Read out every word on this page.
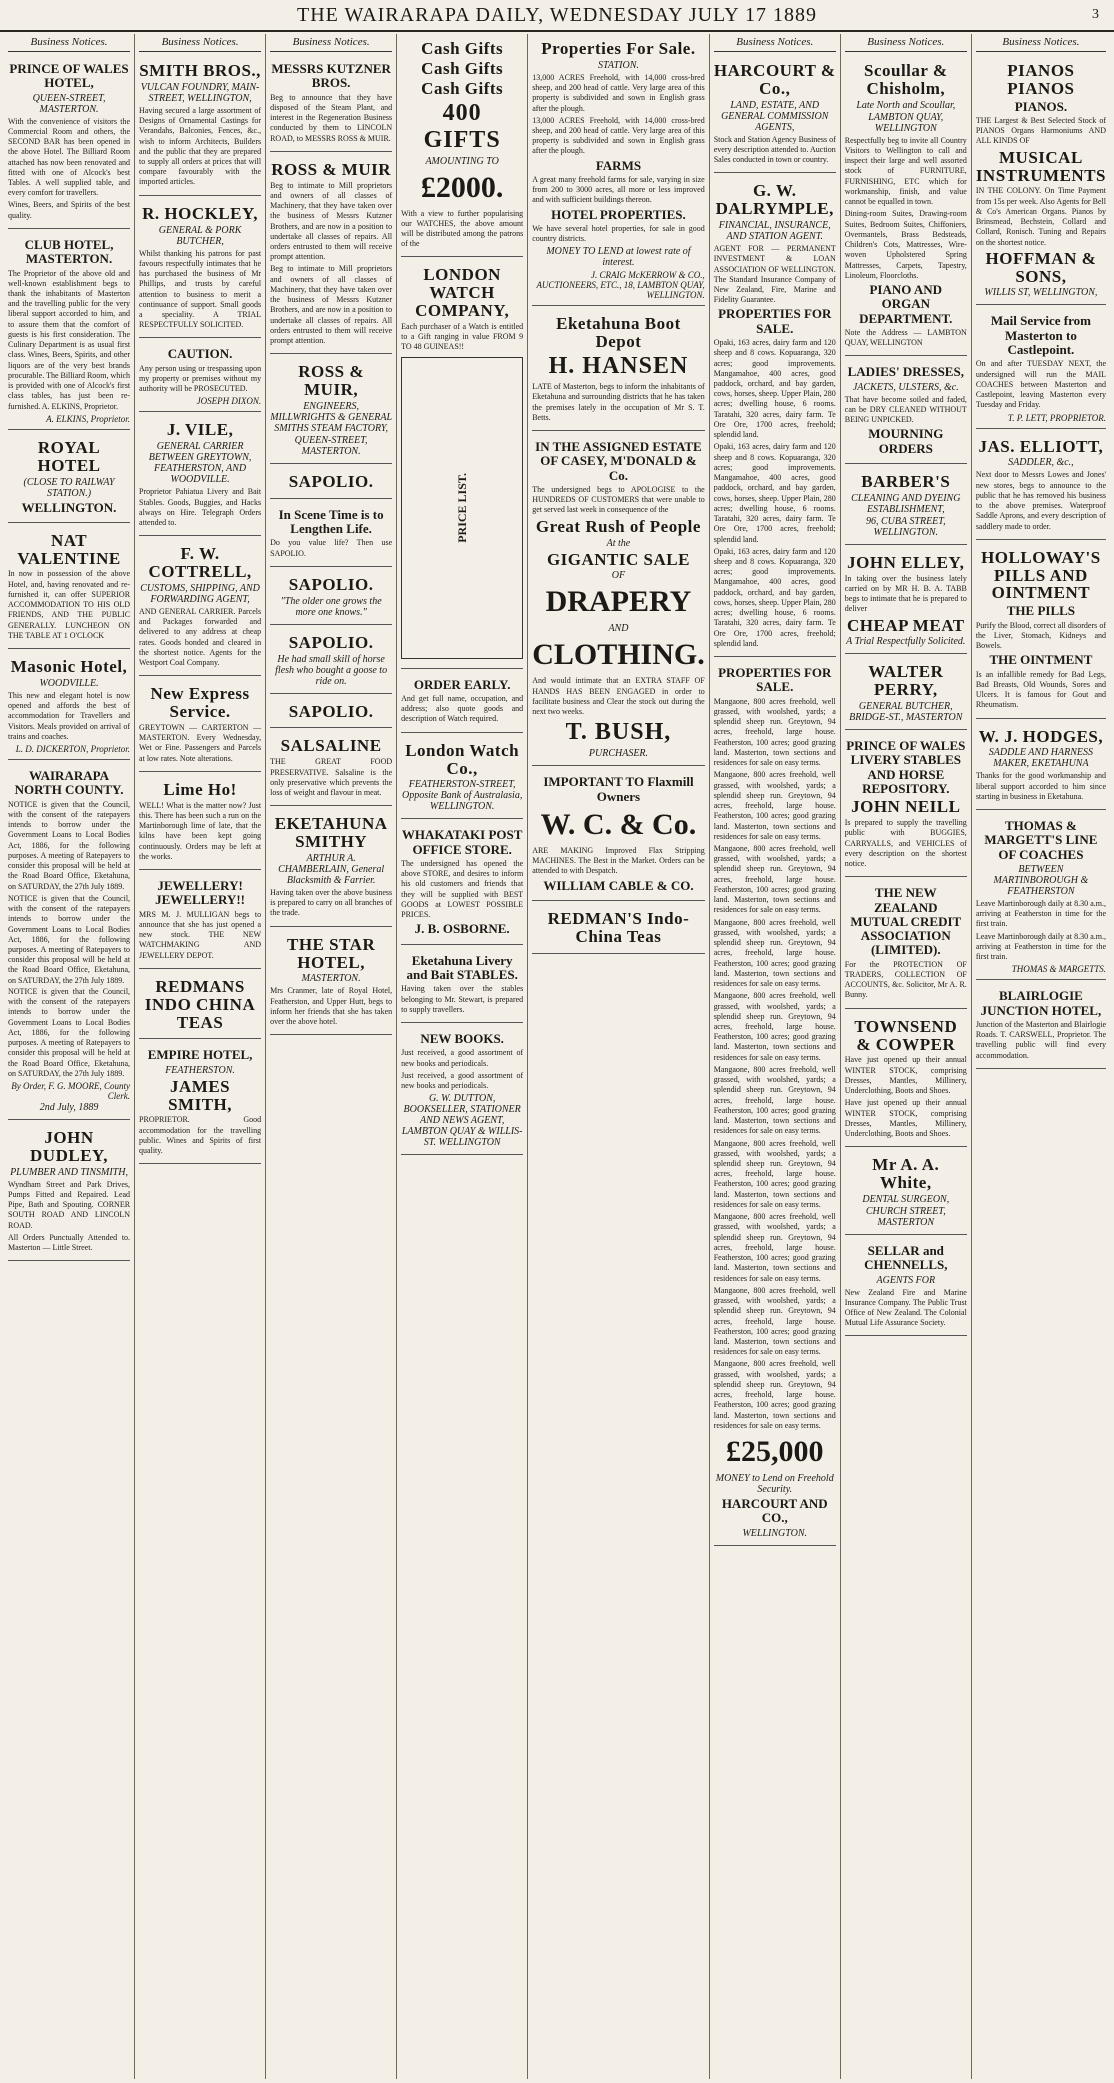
THE WAIRARAPA DAILY, WEDNESDAY JULY 17 1889	3
Business Notices.
PRINCE OF WALES HOTEL,
QUEEN-STREET, MASTERTON.

With the convenience of visitors the Commercial Room and others, the SECOND BAR has been opened in the above Hotel. The Billiard Room attached has now been renovated and fitted with one of Alcock's best Tables. A well supplied table, and every comfort for travellers.

Wines, Beers, and Spirits of the best quality.

CLUB HOTEL, MASTERTON.

The Proprietor of the above old and well-known establishment begs to thank the inhabitants of Masterton and the travelling public for the very liberal support accorded to him, and to assure them that the comfort of guests is his first consideration. The Culinary Department is as usual first class. Wines, Beers, Spirits, and other liquors are of the very best brands procurable. The Billiard Room, which is provided with one of Alcock's first class tables, has just been re-furnished. A. ELKINS, Proprietor.

A. ELKINS, Proprietor.
ROYAL HOTEL
(CLOSE TO RAILWAY STATION.)
WELLINGTON.
NAT VALENTINE

In now in possession of the above Hotel, and, having renovated and re-furnished it, can offer SUPERIOR ACCOMMODATION TO HIS OLD FRIENDS, AND THE PUBLIC GENERALLY. LUNCHEON ON THE TABLE AT 1 O'CLOCK

Masonic Hotel,
WOODVILLE.

This new and elegant hotel is now opened and affords the best of accommodation for Travellers and Visitors. Meals provided on arrival of trains and coaches.

L. D. DICKERTON, Proprietor.
WAIRARAPA NORTH COUNTY.

NOTICE is given that the Council, with the consent of the ratepayers intends to borrow under the Government Loans to Local Bodies Act, 1886, for the following purposes. A meeting of Ratepayers to consider this proposal will be held at the Road Board Office, Eketahuna, on SATURDAY, the 27th July 1889.

NOTICE is given that the Council, with the consent of the ratepayers intends to borrow under the Government Loans to Local Bodies Act, 1886, for the following purposes. A meeting of Ratepayers to consider this proposal will be held at the Road Board Office, Eketahuna, on SATURDAY, the 27th July 1889.

NOTICE is given that the Council, with the consent of the ratepayers intends to borrow under the Government Loans to Local Bodies Act, 1886, for the following purposes. A meeting of Ratepayers to consider this proposal will be held at the Road Board Office, Eketahuna, on SATURDAY, the 27th July 1889.

By Order, F. G. MOORE, County Clerk.
2nd July, 1889
JOHN DUDLEY,
PLUMBER AND TINSMITH,

Wyndham Street and Park Drives, Pumps Fitted and Repaired. Lead Pipe, Bath and Spouting. CORNER SOUTH ROAD AND LINCOLN ROAD.

All Orders Punctually Attended to. Masterton — Little Street.

Business Notices.
SMITH BROS.,
VULCAN FOUNDRY, MAIN-STREET, WELLINGTON,

Having secured a large assortment of Designs of Ornamental Castings for Verandahs, Balconies, Fences, &c., wish to inform Architects, Builders and the public that they are prepared to supply all orders at prices that will compare favourably with the imported articles.

R. HOCKLEY,
GENERAL & PORK BUTCHER,

Whilst thanking his patrons for past favours respectfully intimates that he has purchased the business of Mr Phillips, and trusts by careful attention to business to merit a continuance of support. Small goods a speciality. A TRIAL RESPECTFULLY SOLICITED.

CAUTION.

Any person using or trespassing upon my property or premises without my authority will be PROSECUTED.

JOSEPH DIXON.
J. VILE,
GENERAL CARRIER BETWEEN GREYTOWN, FEATHERSTON, AND WOODVILLE.

Proprietor Pahiatua Livery and Bait Stables. Goods, Buggies, and Hacks always on Hire. Telegraph Orders attended to.

F. W. COTTRELL,
CUSTOMS, SHIPPING, AND FORWARDING AGENT,

AND GENERAL CARRIER. Parcels and Packages forwarded and delivered to any address at cheap rates. Goods bonded and cleared in the shortest notice. Agents for the Westport Coal Company.

New Express Service.

GREYTOWN — CARTERTON — MASTERTON. Every Wednesday, Wet or Fine. Passengers and Parcels at low rates. Note alterations.

Lime Ho!

WELL! What is the matter now? Just this. There has been such a run on the Martinborough lime of late, that the kilns have been kept going continuously. Orders may be left at the works.

JEWELLERY! JEWELLERY!!

MRS M. J. MULLIGAN begs to announce that she has just opened a new stock. THE NEW WATCHMAKING AND JEWELLERY DEPOT.

REDMANS INDO CHINA TEAS
EMPIRE HOTEL,
FEATHERSTON.
JAMES SMITH,

PROPRIETOR. Good accommodation for the travelling public. Wines and Spirits of first quality.

Business Notices.
MESSRS KUTZNER BROS.

Beg to announce that they have disposed of the Steam Plant, and interest in the Regeneration Business conducted by them to LINCOLN ROAD, to MESSRS ROSS & MUIR.

ROSS & MUIR

Beg to intimate to Mill proprietors and owners of all classes of Machinery, that they have taken over the business of Messrs Kutzner Brothers, and are now in a position to undertake all classes of repairs. All orders entrusted to them will receive prompt attention.

Beg to intimate to Mill proprietors and owners of all classes of Machinery, that they have taken over the business of Messrs Kutzner Brothers, and are now in a position to undertake all classes of repairs. All orders entrusted to them will receive prompt attention.

ROSS & MUIR,
ENGINEERS, MILLWRIGHTS & GENERAL SMITHS STEAM FACTORY,
QUEEN-STREET, MASTERTON.
SAPOLIO.
In Scene Time is to Lengthen Life.

Do you value life? Then use SAPOLIO.

SAPOLIO.
"The older one grows the more one knows."
SAPOLIO.
He had small skill of horse flesh who bought a goose to ride on.
SAPOLIO.
SALSALINE

THE GREAT FOOD PRESERVATIVE. Salsaline is the only preservative which prevents the loss of weight and flavour in meat.

EKETAHUNA SMITHY
ARTHUR A. CHAMBERLAIN, General Blacksmith & Farrier.

Having taken over the above business is prepared to carry on all branches of the trade.

THE STAR HOTEL,
MASTERTON.

Mrs Cranmer, late of Royal Hotel, Featherston, and Upper Hutt, begs to inform her friends that she has taken over the above hotel.

Cash Gifts
Cash Gifts
Cash Gifts
400 GIFTS
AMOUNTING TO
£2000.

With a view to further popularising our WATCHES, the above amount will be distributed among the patrons of the

LONDON WATCH COMPANY,

Each purchaser of a Watch is entitled to a Gift ranging in value FROM 9 TO 48 GUINEAS!!

PRICE LIST.
ORDER EARLY.

And get full name, occupation, and address; also quote goods and description of Watch required.

London Watch Co.,
FEATHERSTON-STREET, Opposite Bank of Australasia, WELLINGTON.
WHAKATAKI POST OFFICE STORE.

The undersigned has opened the above STORE, and desires to inform his old customers and friends that they will be supplied with BEST GOODS at LOWEST POSSIBLE PRICES.

J. B. OSBORNE.
Eketahuna Livery and Bait STABLES.

Having taken over the stables belonging to Mr. Stewart, is prepared to supply travellers.

NEW BOOKS.

Just received, a good assortment of new books and periodicals.

Just received, a good assortment of new books and periodicals.

G. W. DUTTON, BOOKSELLER, STATIONER AND NEWS AGENT, LAMBTON QUAY & WILLIS-ST. WELLINGTON
Properties For Sale.
STATION.

13,000 ACRES Freehold, with 14,000 cross-bred sheep, and 200 head of cattle. Very large area of this property is subdivided and sown in English grass after the plough.

13,000 ACRES Freehold, with 14,000 cross-bred sheep, and 200 head of cattle. Very large area of this property is subdivided and sown in English grass after the plough.

FARMS

A great many freehold farms for sale, varying in size from 200 to 3000 acres, all more or less improved and with sufficient buildings thereon.

HOTEL PROPERTIES.

We have several hotel properties, for sale in good country districts.

MONEY TO LEND at lowest rate of interest.
J. CRAIG McKERROW & CO., AUCTIONEERS, ETC., 18, LAMBTON QUAY, WELLINGTON.
Eketahuna Boot Depot
H. HANSEN

LATE of Masterton, begs to inform the inhabitants of Eketahuna and surrounding districts that he has taken the premises lately in the occupation of Mr S. T. Betts.

IN THE ASSIGNED ESTATE OF CASEY, M'DONALD & Co.

The undersigned begs to APOLOGISE to the HUNDREDS OF CUSTOMERS that were unable to get served last week in consequence of the

Great Rush of People
At the
GIGANTIC SALE
OF
DRAPERY
AND
CLOTHING.

And would intimate that an EXTRA STAFF OF HANDS HAS BEEN ENGAGED in order to facilitate business and Clear the stock out during the next two weeks.

T. BUSH,
PURCHASER.
IMPORTANT TO Flaxmill Owners
W. C. & Co.

ARE MAKING Improved Flax Stripping MACHINES. The Best in the Market. Orders can be attended to with Despatch.

WILLIAM CABLE & CO.
REDMAN'S Indo-China Teas
Business Notices.
HARCOURT & Co.,
LAND, ESTATE, AND GENERAL COMMISSION AGENTS,

Stock and Station Agency Business of every description attended to. Auction Sales conducted in town or country.

G. W. DALRYMPLE,
FINANCIAL, INSURANCE, AND STATION AGENT.

AGENT FOR — PERMANENT INVESTMENT & LOAN ASSOCIATION OF WELLINGTON. The Standard Insurance Company of New Zealand, Fire, Marine and Fidelity Guarantee.

PROPERTIES FOR SALE.

Opaki, 163 acres, dairy farm and 120 sheep and 8 cows. Kopuaranga, 320 acres; good improvements. Mangamahoe, 400 acres, good paddock, orchard, and bay garden, cows, horses, sheep. Upper Plain, 280 acres; dwelling house, 6 rooms. Taratahi, 320 acres, dairy farm. Te Ore Ore, 1700 acres, freehold; splendid land.

Opaki, 163 acres, dairy farm and 120 sheep and 8 cows. Kopuaranga, 320 acres; good improvements. Mangamahoe, 400 acres, good paddock, orchard, and bay garden, cows, horses, sheep. Upper Plain, 280 acres; dwelling house, 6 rooms. Taratahi, 320 acres, dairy farm. Te Ore Ore, 1700 acres, freehold; splendid land.

Opaki, 163 acres, dairy farm and 120 sheep and 8 cows. Kopuaranga, 320 acres; good improvements. Mangamahoe, 400 acres, good paddock, orchard, and bay garden, cows, horses, sheep. Upper Plain, 280 acres; dwelling house, 6 rooms. Taratahi, 320 acres, dairy farm. Te Ore Ore, 1700 acres, freehold; splendid land.

PROPERTIES FOR SALE.

Mangaone, 800 acres freehold, well grassed, with woolshed, yards; a splendid sheep run. Greytown, 94 acres, freehold, large house. Featherston, 100 acres; good grazing land. Masterton, town sections and residences for sale on easy terms.

Mangaone, 800 acres freehold, well grassed, with woolshed, yards; a splendid sheep run. Greytown, 94 acres, freehold, large house. Featherston, 100 acres; good grazing land. Masterton, town sections and residences for sale on easy terms.

Mangaone, 800 acres freehold, well grassed, with woolshed, yards; a splendid sheep run. Greytown, 94 acres, freehold, large house. Featherston, 100 acres; good grazing land. Masterton, town sections and residences for sale on easy terms.

Mangaone, 800 acres freehold, well grassed, with woolshed, yards; a splendid sheep run. Greytown, 94 acres, freehold, large house. Featherston, 100 acres; good grazing land. Masterton, town sections and residences for sale on easy terms.

Mangaone, 800 acres freehold, well grassed, with woolshed, yards; a splendid sheep run. Greytown, 94 acres, freehold, large house. Featherston, 100 acres; good grazing land. Masterton, town sections and residences for sale on easy terms.

Mangaone, 800 acres freehold, well grassed, with woolshed, yards; a splendid sheep run. Greytown, 94 acres, freehold, large house. Featherston, 100 acres; good grazing land. Masterton, town sections and residences for sale on easy terms.

Mangaone, 800 acres freehold, well grassed, with woolshed, yards; a splendid sheep run. Greytown, 94 acres, freehold, large house. Featherston, 100 acres; good grazing land. Masterton, town sections and residences for sale on easy terms.

Mangaone, 800 acres freehold, well grassed, with woolshed, yards; a splendid sheep run. Greytown, 94 acres, freehold, large house. Featherston, 100 acres; good grazing land. Masterton, town sections and residences for sale on easy terms.

Mangaone, 800 acres freehold, well grassed, with woolshed, yards; a splendid sheep run. Greytown, 94 acres, freehold, large house. Featherston, 100 acres; good grazing land. Masterton, town sections and residences for sale on easy terms.

Mangaone, 800 acres freehold, well grassed, with woolshed, yards; a splendid sheep run. Greytown, 94 acres, freehold, large house. Featherston, 100 acres; good grazing land. Masterton, town sections and residences for sale on easy terms.

£25,000
MONEY to Lend on Freehold Security.
HARCOURT AND CO.,
WELLINGTON.
Business Notices.
Scoullar & Chisholm,
Late North and Scoullar,
LAMBTON QUAY, WELLINGTON

Respectfully beg to invite all Country Visitors to Wellington to call and inspect their large and well assorted stock of FURNITURE, FURNISHING, ETC which for workmanship, finish, and value cannot be equalled in town.

Dining-room Suites, Drawing-room Suites, Bedroom Suites, Chiffoniers, Overmantels, Brass Bedsteads, Children's Cots, Mattresses, Wire-woven Upholstered Spring Mattresses, Carpets, Tapestry, Linoleum, Floorcloths.

PIANO AND ORGAN DEPARTMENT.

Note the Address — LAMBTON QUAY, WELLINGTON

LADIES' DRESSES,
JACKETS, ULSTERS, &c.

That have become soiled and faded, can be DRY CLEANED WITHOUT BEING UNPICKED.

MOURNING ORDERS
BARBER'S
CLEANING AND DYEING ESTABLISHMENT,
96, CUBA STREET, WELLINGTON.
JOHN ELLEY,

In taking over the business lately carried on by MR H. B. A. TABB begs to intimate that he is prepared to deliver

CHEAP MEAT
A Trial Respectfully Solicited.
WALTER PERRY,
GENERAL BUTCHER, BRIDGE-ST., MASTERTON
PRINCE OF WALES LIVERY STABLES AND HORSE REPOSITORY.
JOHN NEILL

Is prepared to supply the travelling public with BUGGIES, CARRYALLS, and VEHICLES of every description on the shortest notice.

THE NEW ZEALAND MUTUAL CREDIT ASSOCIATION (LIMITED).

For the PROTECTION OF TRADERS, COLLECTION OF ACCOUNTS, &c. Solicitor, Mr A. R. Bunny.

TOWNSEND & COWPER

Have just opened up their annual WINTER STOCK, comprising Dresses, Mantles, Millinery, Underclothing, Boots and Shoes.

Have just opened up their annual WINTER STOCK, comprising Dresses, Mantles, Millinery, Underclothing, Boots and Shoes.

Mr A. A. White,
DENTAL SURGEON,
CHURCH STREET, MASTERTON
SELLAR and CHENNELLS,
AGENTS FOR

New Zealand Fire and Marine Insurance Company. The Public Trust Office of New Zealand. The Colonial Mutual Life Assurance Society.

Business Notices.
PIANOS PIANOS
PIANOS.

THE Largest & Best Selected Stock of PIANOS Organs Harmoniums AND ALL KINDS OF

MUSICAL INSTRUMENTS

IN THE COLONY. On Time Payment from 15s per week. Also Agents for Bell & Co's American Organs. Pianos by Brinsmead, Bechstein, Collard and Collard, Ronisch. Tuning and Repairs on the shortest notice.

HOFFMAN & SONS,
WILLIS ST, WELLINGTON,
Mail Service from Masterton to Castlepoint.

On and after TUESDAY NEXT, the undersigned will run the MAIL COACHES between Masterton and Castlepoint, leaving Masterton every Tuesday and Friday.

T. P. LETT, PROPRIETOR.
JAS. ELLIOTT,
SADDLER, &c.,

Next door to Messrs Lowes and Jones' new stores, begs to announce to the public that he has removed his business to the above premises. Waterproof Saddle Aprons, and every description of saddlery made to order.

HOLLOWAY'S PILLS AND OINTMENT
THE PILLS

Purify the Blood, correct all disorders of the Liver, Stomach, Kidneys and Bowels.

THE OINTMENT

Is an infallible remedy for Bad Legs, Bad Breasts, Old Wounds, Sores and Ulcers. It is famous for Gout and Rheumatism.

W. J. HODGES,
SADDLE AND HARNESS MAKER, EKETAHUNA

Thanks for the good workmanship and liberal support accorded to him since starting in business in Eketahuna.

THOMAS & MARGETT'S LINE OF COACHES
BETWEEN MARTINBOROUGH & FEATHERSTON

Leave Martinborough daily at 8.30 a.m., arriving at Featherston in time for the first train.

Leave Martinborough daily at 8.30 a.m., arriving at Featherston in time for the first train.

THOMAS & MARGETTS.
BLAIRLOGIE JUNCTION HOTEL,

Junction of the Masterton and Blairlogie Roads. T. CARSWELL, Proprietor. The travelling public will find every accommodation.
